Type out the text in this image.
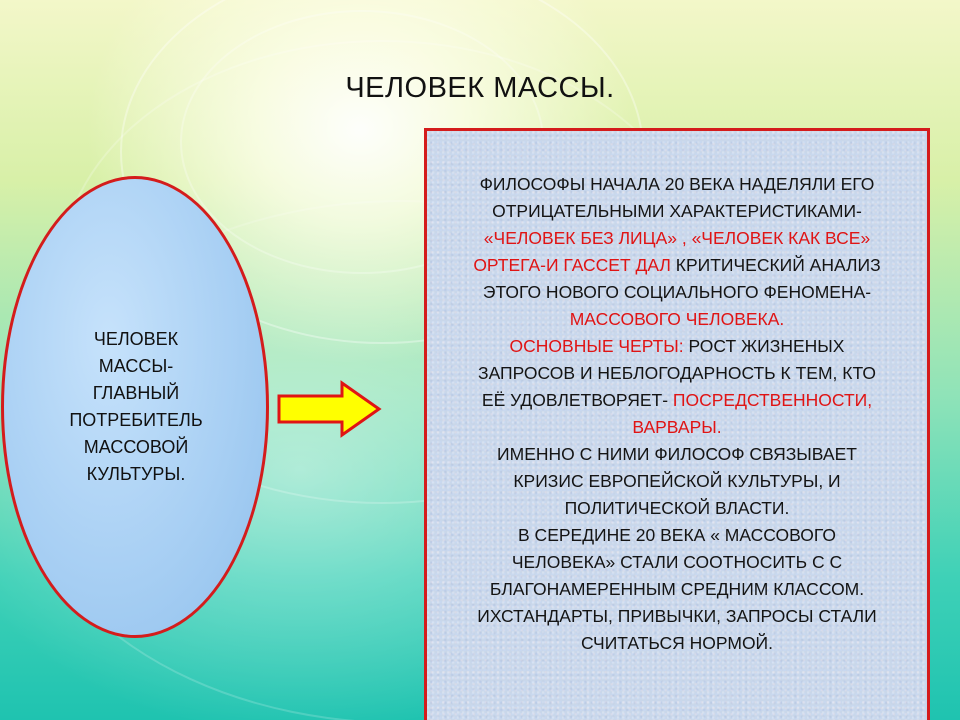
ЧЕЛОВЕК МАССЫ.
ЧЕЛОВЕК
МАССЫ-
ГЛАВНЫЙ
ПОТРЕБИТЕЛЬ
МАССОВОЙ
КУЛЬТУРЫ.
ФИЛОСОФЫ НАЧАЛА 20 ВЕКА НАДЕЛЯЛИ ЕГО
ОТРИЦАТЕЛЬНЫМИ ХАРАКТЕРИСТИКАМИ-
«ЧЕЛОВЕК БЕЗ ЛИЦА» , «ЧЕЛОВЕК КАК ВСЕ»
ОРТЕГА-И ГАССЕТ ДАЛ КРИТИЧЕСКИЙ АНАЛИЗ
ЭТОГО НОВОГО СОЦИАЛЬНОГО ФЕНОМЕНА-
МАССОВОГО ЧЕЛОВЕКА.
ОСНОВНЫЕ ЧЕРТЫ: РОСТ ЖИЗНЕНЫХ
ЗАПРОСОВ И НЕБЛОГОДАРНОСТЬ К ТЕМ, КТО
ЕЁ УДОВЛЕТВОРЯЕТ- ПОСРЕДСТВЕННОСТИ,
ВАРВАРЫ.
ИМЕННО С НИМИ ФИЛОСОФ СВЯЗЫВАЕТ
КРИЗИС ЕВРОПЕЙСКОЙ КУЛЬТУРЫ, И
ПОЛИТИЧЕСКОЙ ВЛАСТИ.
В СЕРЕДИНЕ 20 ВЕКА « МАССОВОГО
ЧЕЛОВЕКА» СТАЛИ СООТНОСИТЬ С С
БЛАГОНАМЕРЕННЫМ СРЕДНИМ КЛАССОМ.
ИХСТАНДАРТЫ, ПРИВЫЧКИ, ЗАПРОСЫ СТАЛИ
СЧИТАТЬСЯ НОРМОЙ.
